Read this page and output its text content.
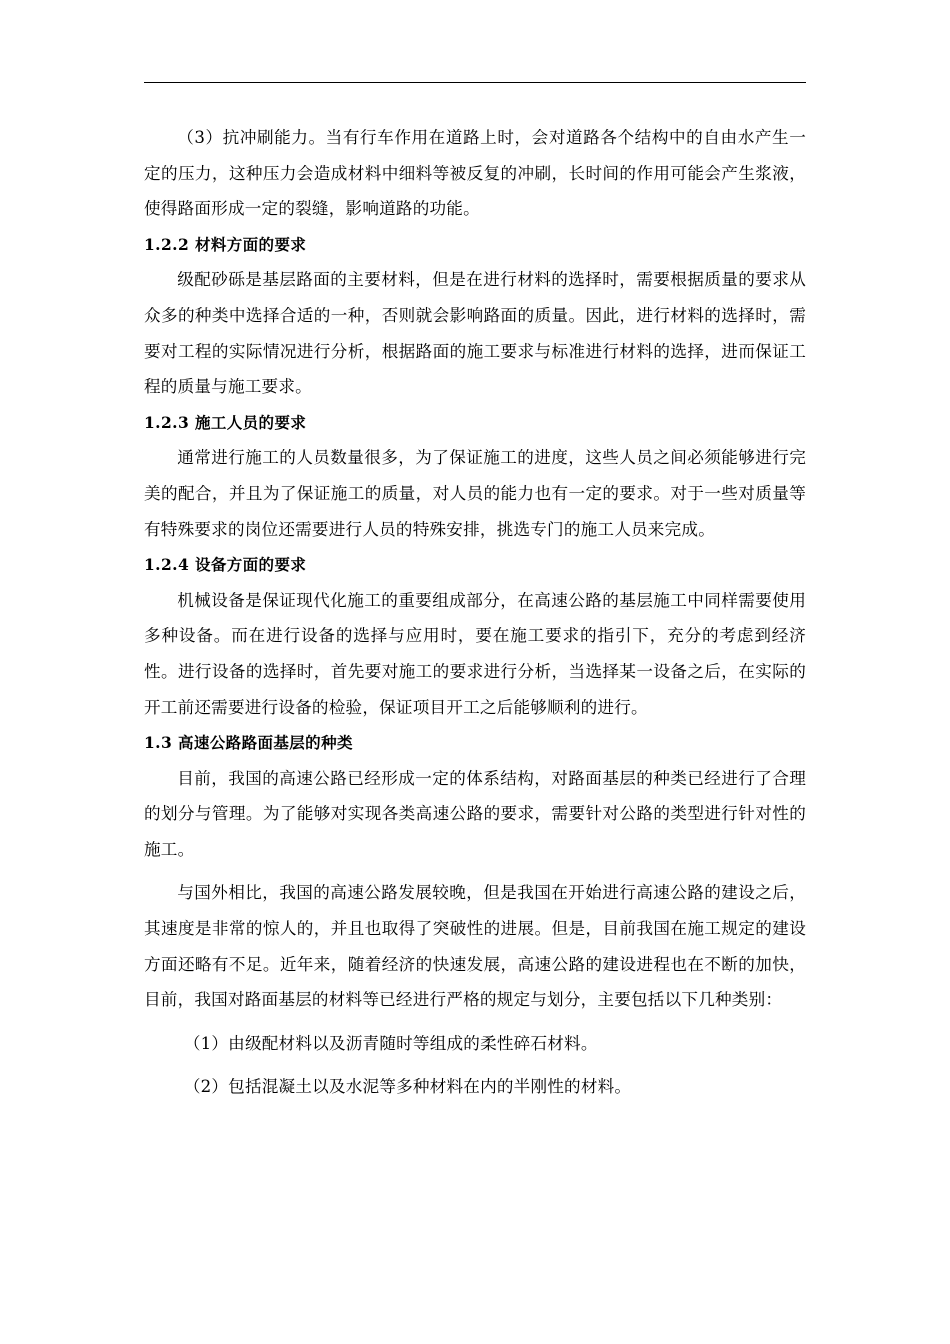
（3）抗冲刷能力。当有行车作用在道路上时，会对道路各个结构中的自由水产生一定的压力，这种压力会造成材料中细料等被反复的冲刷，长时间的作用可能会产生浆液，使得路面形成一定的裂缝，影响道路的功能。

1.2.2 材料方面的要求

级配砂砾是基层路面的主要材料，但是在进行材料的选择时，需要根据质量的要求从众多的种类中选择合适的一种，否则就会影响路面的质量。因此，进行材料的选择时，需要对工程的实际情况进行分析，根据路面的施工要求与标准进行材料的选择，进而保证工程的质量与施工要求。

1.2.3 施工人员的要求

通常进行施工的人员数量很多，为了保证施工的进度，这些人员之间必须能够进行完美的配合，并且为了保证施工的质量，对人员的能力也有一定的要求。对于一些对质量等有特殊要求的岗位还需要进行人员的特殊安排，挑选专门的施工人员来完成。

1.2.4 设备方面的要求

机械设备是保证现代化施工的重要组成部分，在高速公路的基层施工中同样需要使用多种设备。而在进行设备的选择与应用时，要在施工要求的指引下，充分的考虑到经济性。进行设备的选择时，首先要对施工的要求进行分析，当选择某一设备之后，在实际的开工前还需要进行设备的检验，保证项目开工之后能够顺利的进行。

1.3 高速公路路面基层的种类

目前，我国的高速公路已经形成一定的体系结构，对路面基层的种类已经进行了合理的划分与管理。为了能够对实现各类高速公路的要求，需要针对公路的类型进行针对性的施工。

与国外相比，我国的高速公路发展较晚，但是我国在开始进行高速公路的建设之后，其速度是非常的惊人的，并且也取得了突破性的进展。但是，目前我国在施工规定的建设方面还略有不足。近年来，随着经济的快速发展，高速公路的建设进程也在不断的加快，目前，我国对路面基层的材料等已经进行严格的规定与划分，主要包括以下几种类别：

（1）由级配材料以及沥青随时等组成的柔性碎石材料。

（2）包括混凝土以及水泥等多种材料在内的半刚性的材料。
